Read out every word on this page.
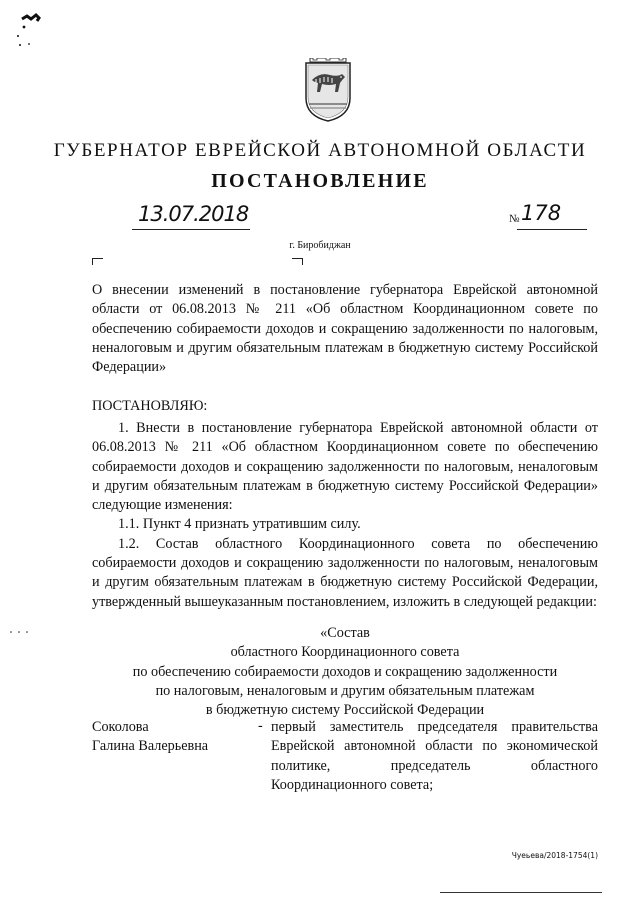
ГУБЕРНАТОР ЕВРЕЙСКОЙ АВТОНОМНОЙ ОБЛАСТИ
ПОСТАНОВЛЕНИЕ
13.07.2018	№ 178
г. Биробиджан

О внесении изменений в постановление губернатора Еврейской автономной области от 06.08.2013 № 211 «Об областном Координационном совете по обеспечению собираемости доходов и сокращению задолженности по налоговым, неналоговым и другим обязательным платежам в бюджетную систему Российской Федерации»

ПОСТАНОВЛЯЮ:

1. Внести в постановление губернатора Еврейской автономной области от 06.08.2013 № 211 «Об областном Координационном совете по обеспечению собираемости доходов и сокращению задолженности по налоговым, неналоговым и другим обязательным платежам в бюджетную систему Российской Федерации» следующие изменения:

1.1. Пункт 4 признать утратившим силу.

1.2. Состав областного Координационного совета по обеспечению собираемости доходов и сокращению задолженности по налоговым, неналоговым и другим обязательным платежам в бюджетную систему Российской Федерации, утвержденный вышеуказанным постановлением, изложить в следующей редакции:

«Состав
областного Координационного совета
по обеспечению собираемости доходов и сокращению задолженности
по налоговым, неналоговым и другим обязательным платежам
в бюджетную систему Российской Федерации
Соколова
Галина Валерьевна
- первый заместитель председателя правительства Еврейской автономной области по экономической политике, председатель областного Координационного совета;
Чуеьева/2018-1754(1)
